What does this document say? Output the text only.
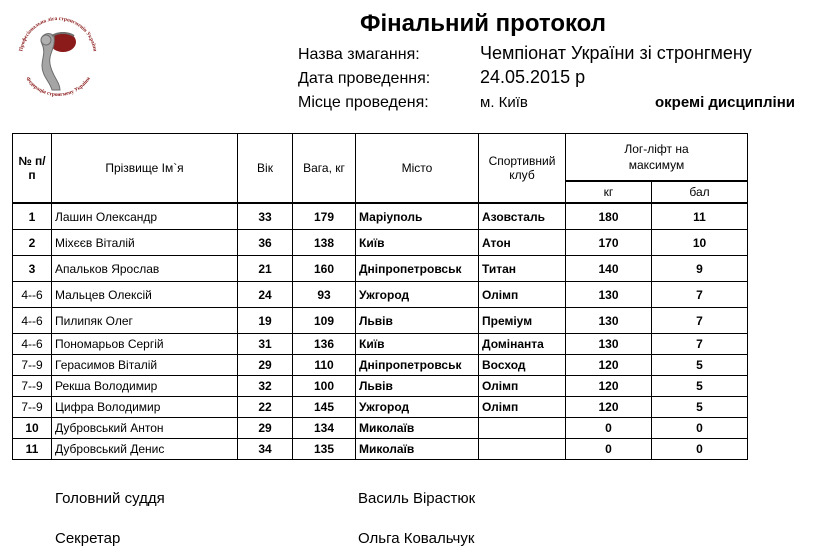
Професіональна ліга стронгменів України
Федерація стронгмену України
Фінальний протокол
Назва змагання:	Чемпіонат України зі стронгмену
Дата проведення:	24.05.2015 р
Місце проведеня:	м. Київ	окремі дисципліни
№ п/п	Прізвище Ім`я	Вік	Вага, кг	Місто	Спортивний клуб	Лог-ліфт на максимум	
						кг	бал
1	Лашин Олександр	33	179	Маріуполь	Азовсталь	180	11
2	Міхєєв Віталій	36	138	Київ	Атон	170	10
3	Апальков Ярослав	21	160	Дніпропетровськ	Титан	140	9
4--6	Мальцев Олексій	24	93	Ужгород	Олімп	130	7
4--6	Пилипяк Олег	19	109	Львів	Преміум	130	7
4--6	Пономарьов Сергій	31	136	Київ	Домінанта	130	7
7--9	Герасимов Віталій	29	110	Дніпропетровськ	Восход	120	5
7--9	Рекша Володимир	32	100	Львів	Олімп	120	5
7--9	Цифра Володимир	22	145	Ужгород	Олімп	120	5
10	Дубровський Антон	29	134	Миколаїв		0	0
11	Дубровський Денис	34	135	Миколаїв		0	0
Головний суддя	Василь Вірастюк
Секретар	Ольга Ковальчук
